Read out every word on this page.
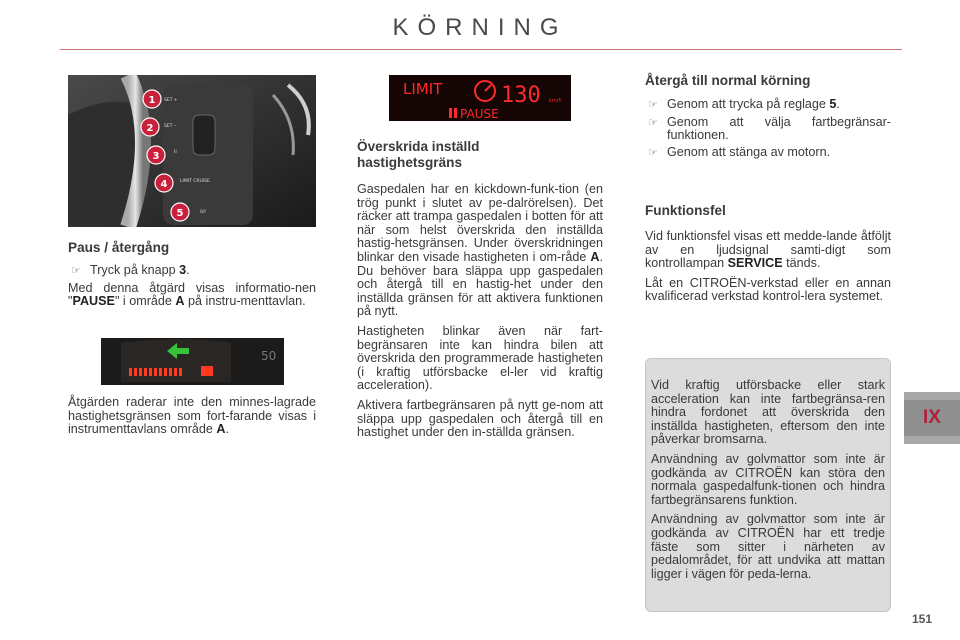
KÖRNING
SET +
SET –
II
LIMIT CRUISE
0/I
1
2
3
4
5
LIMIT	130 km/h
PAUSE
50
Paus / återgång
☞ Tryck på knapp 3.

Med denna åtgärd visas informatio-nen "PAUSE" i område A på instru-menttavlan.

Åtgärden raderar inte den minnes-lagrade hastighetsgränsen som fort-farande visas i instrumenttavlans område A.

Överskrida inställd hastighetsgräns

Gaspedalen har en kickdown-funk-tion (en trög punkt i slutet av pe-dalrörelsen). Det räcker att trampa gaspedalen i botten för att när som helst överskrida den inställda hastig-hetsgränsen. Under överskridningen blinkar den visade hastigheten i om-råde A. Du behöver bara släppa upp gaspedalen och återgå till en hastig-het under den inställda gränsen för att aktivera funktionen på nytt.

Hastigheten blinkar även när fart-begränsaren inte kan hindra bilen att överskrida den programmerade hastigheten (i kraftig utförsbacke el-ler vid kraftig acceleration).

Aktivera fartbegränsaren på nytt ge-nom att släppa upp gaspedalen och återgå till en hastighet under den in-ställda gränsen.

Återgå till normal körning
☞ Genom att trycka på reglage 5.
☞ Genom att välja fartbegränsar-funktionen.
☞ Genom att stänga av motorn.
Funktionsfel

Vid funktionsfel visas ett medde-lande åtföljt av en ljudsignal samti-digt som kontrollampan SERVICE tänds.

Låt en CITROËN-verkstad eller en annan kvalificerad verkstad kontrol-lera systemet.

Vid kraftig utförsbacke eller stark acceleration kan inte fartbegränsa-ren hindra fordonet att överskrida den inställda hastigheten, eftersom den inte påverkar bromsarna.

Användning av golvmattor som inte är godkända av CITROËN kan störa den normala gaspedalfunk-tionen och hindra fartbegränsarens funktion.

Användning av golvmattor som inte är godkända av CITROËN har ett tredje fäste som sitter i närheten av pedalområdet, för att undvika att mattan ligger i vägen för peda-lerna.

IX
151
